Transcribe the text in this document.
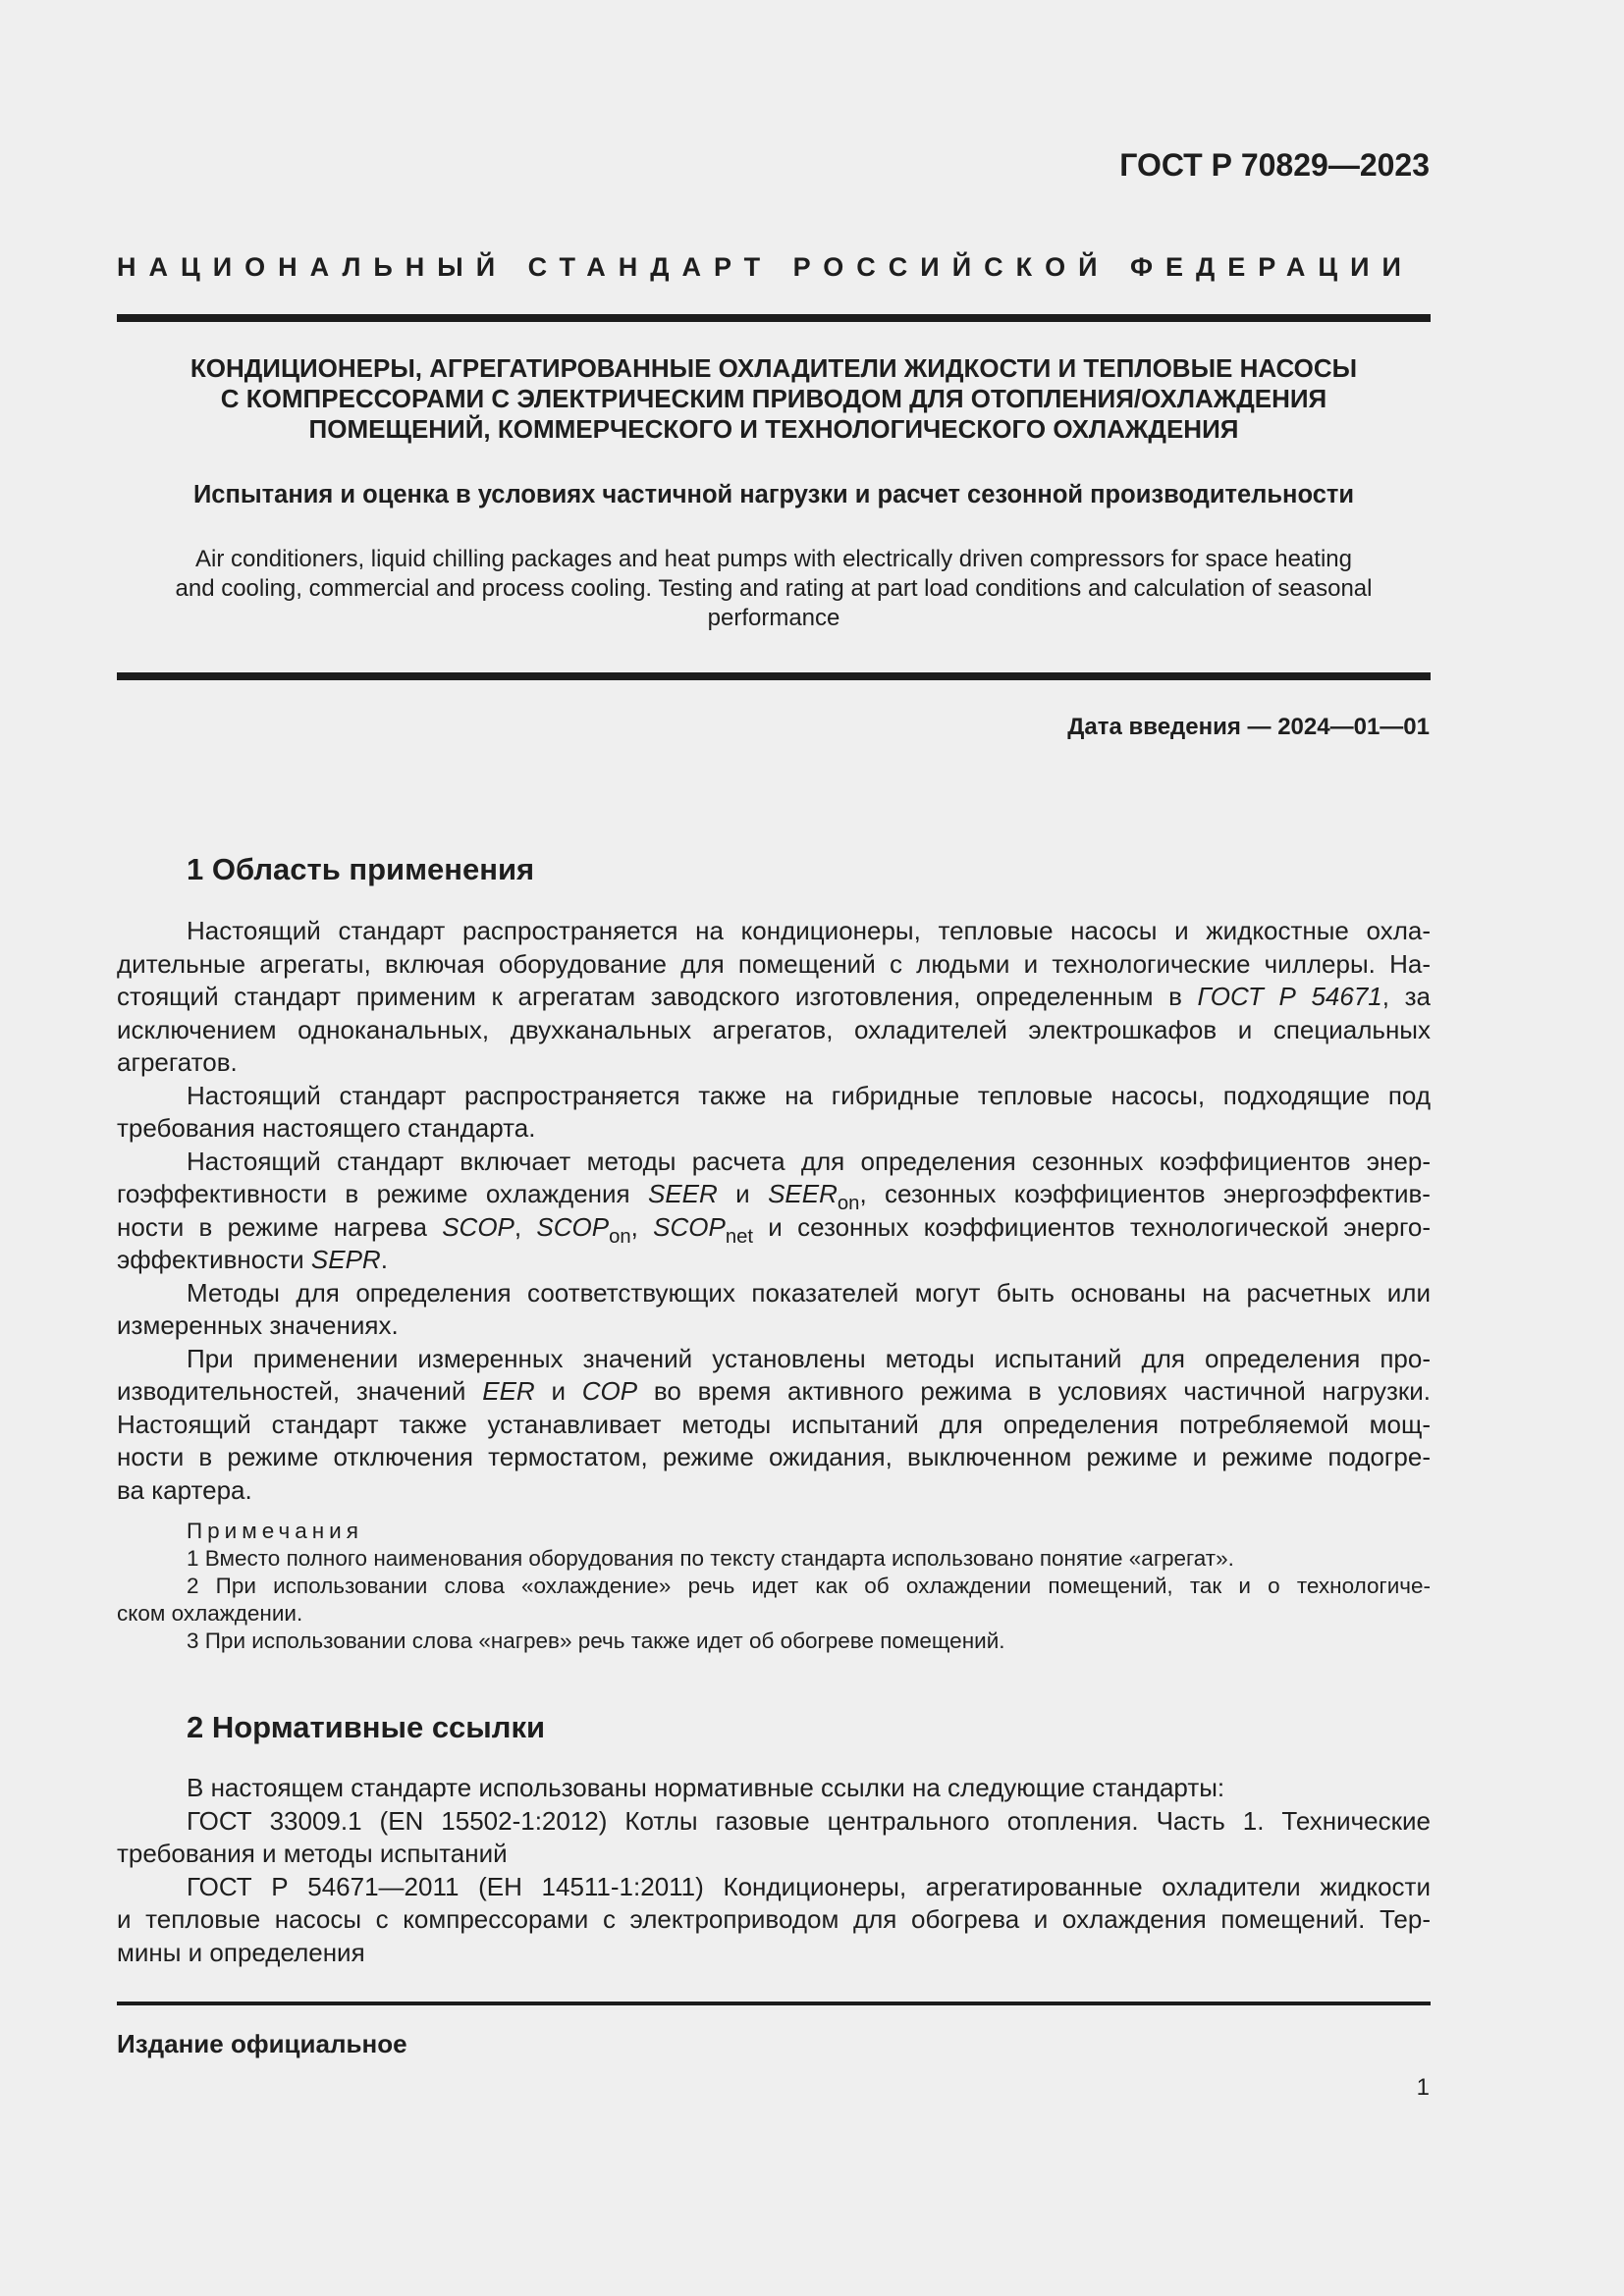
ГОСТ Р 70829—2023
НАЦИОНАЛЬНЫЙ СТАНДАРТ РОССИЙСКОЙ ФЕДЕРАЦИИ
КОНДИЦИОНЕРЫ, АГРЕГАТИРОВАННЫЕ ОХЛАДИТЕЛИ ЖИДКОСТИ И ТЕПЛОВЫЕ НАСОСЫ
С КОМПРЕССОРАМИ С ЭЛЕКТРИЧЕСКИМ ПРИВОДОМ ДЛЯ ОТОПЛЕНИЯ/ОХЛАЖДЕНИЯ
ПОМЕЩЕНИЙ, КОММЕРЧЕСКОГО И ТЕХНОЛОГИЧЕСКОГО ОХЛАЖДЕНИЯ
Испытания и оценка в условиях частичной нагрузки и расчет сезонной производительности
Air conditioners, liquid chilling packages and heat pumps with electrically driven compressors for space heating
and cooling, commercial and process cooling. Testing and rating at part load conditions and calculation of seasonal
performance
Дата введения — 2024—01—01
1 Область применения
Настоящий стандарт распространяется на кондиционеры, тепловые насосы и жидкостные охла-
дительные агрегаты, включая оборудование для помещений с людьми и технологические чиллеры. На-
стоящий стандарт применим к агрегатам заводского изготовления, определенным в ГОСТ Р 54671, за
исключением одноканальных, двухканальных агрегатов, охладителей электрошкафов и специальных
агрегатов.
Настоящий стандарт распространяется также на гибридные тепловые насосы, подходящие под
требования настоящего стандарта.
Настоящий стандарт включает методы расчета для определения сезонных коэффициентов энер-
гоэффективности в режиме охлаждения SEER и $SEER_{on}$, сезонных коэффициентов энергоэффектив-
ности в режиме нагрева SCOP, $SCOP_{on}$, $SCOP_{net}$ и сезонных коэффициентов технологической энерго-
эффективности SEPR.
Методы для определения соответствующих показателей могут быть основаны на расчетных или
измеренных значениях.
При применении измеренных значений установлены методы испытаний для определения про-
изводительностей, значений EER и COP во время активного режима в условиях частичной нагрузки.
Настоящий стандарт также устанавливает методы испытаний для определения потребляемой мощ-
ности в режиме отключения термостатом, режиме ожидания, выключенном режиме и режиме подогре-
ва картера.
Примечания
1 Вместо полного наименования оборудования по тексту стандарта использовано понятие «агрегат».
2 При использовании слова «охлаждение» речь идет как об охлаждении помещений, так и о технологиче-
ском охлаждении.
3 При использовании слова «нагрев» речь также идет об обогреве помещений.
2 Нормативные ссылки
В настоящем стандарте использованы нормативные ссылки на следующие стандарты:
ГОСТ 33009.1 (EN 15502-1:2012) Котлы газовые центрального отопления. Часть 1. Технические
требования и методы испытаний
ГОСТ Р 54671—2011 (ЕН 14511-1:2011) Кондиционеры, агрегатированные охладители жидкости
и тепловые насосы с компрессорами с электроприводом для обогрева и охлаждения помещений. Тер-
мины и определения
Издание официальное
1
